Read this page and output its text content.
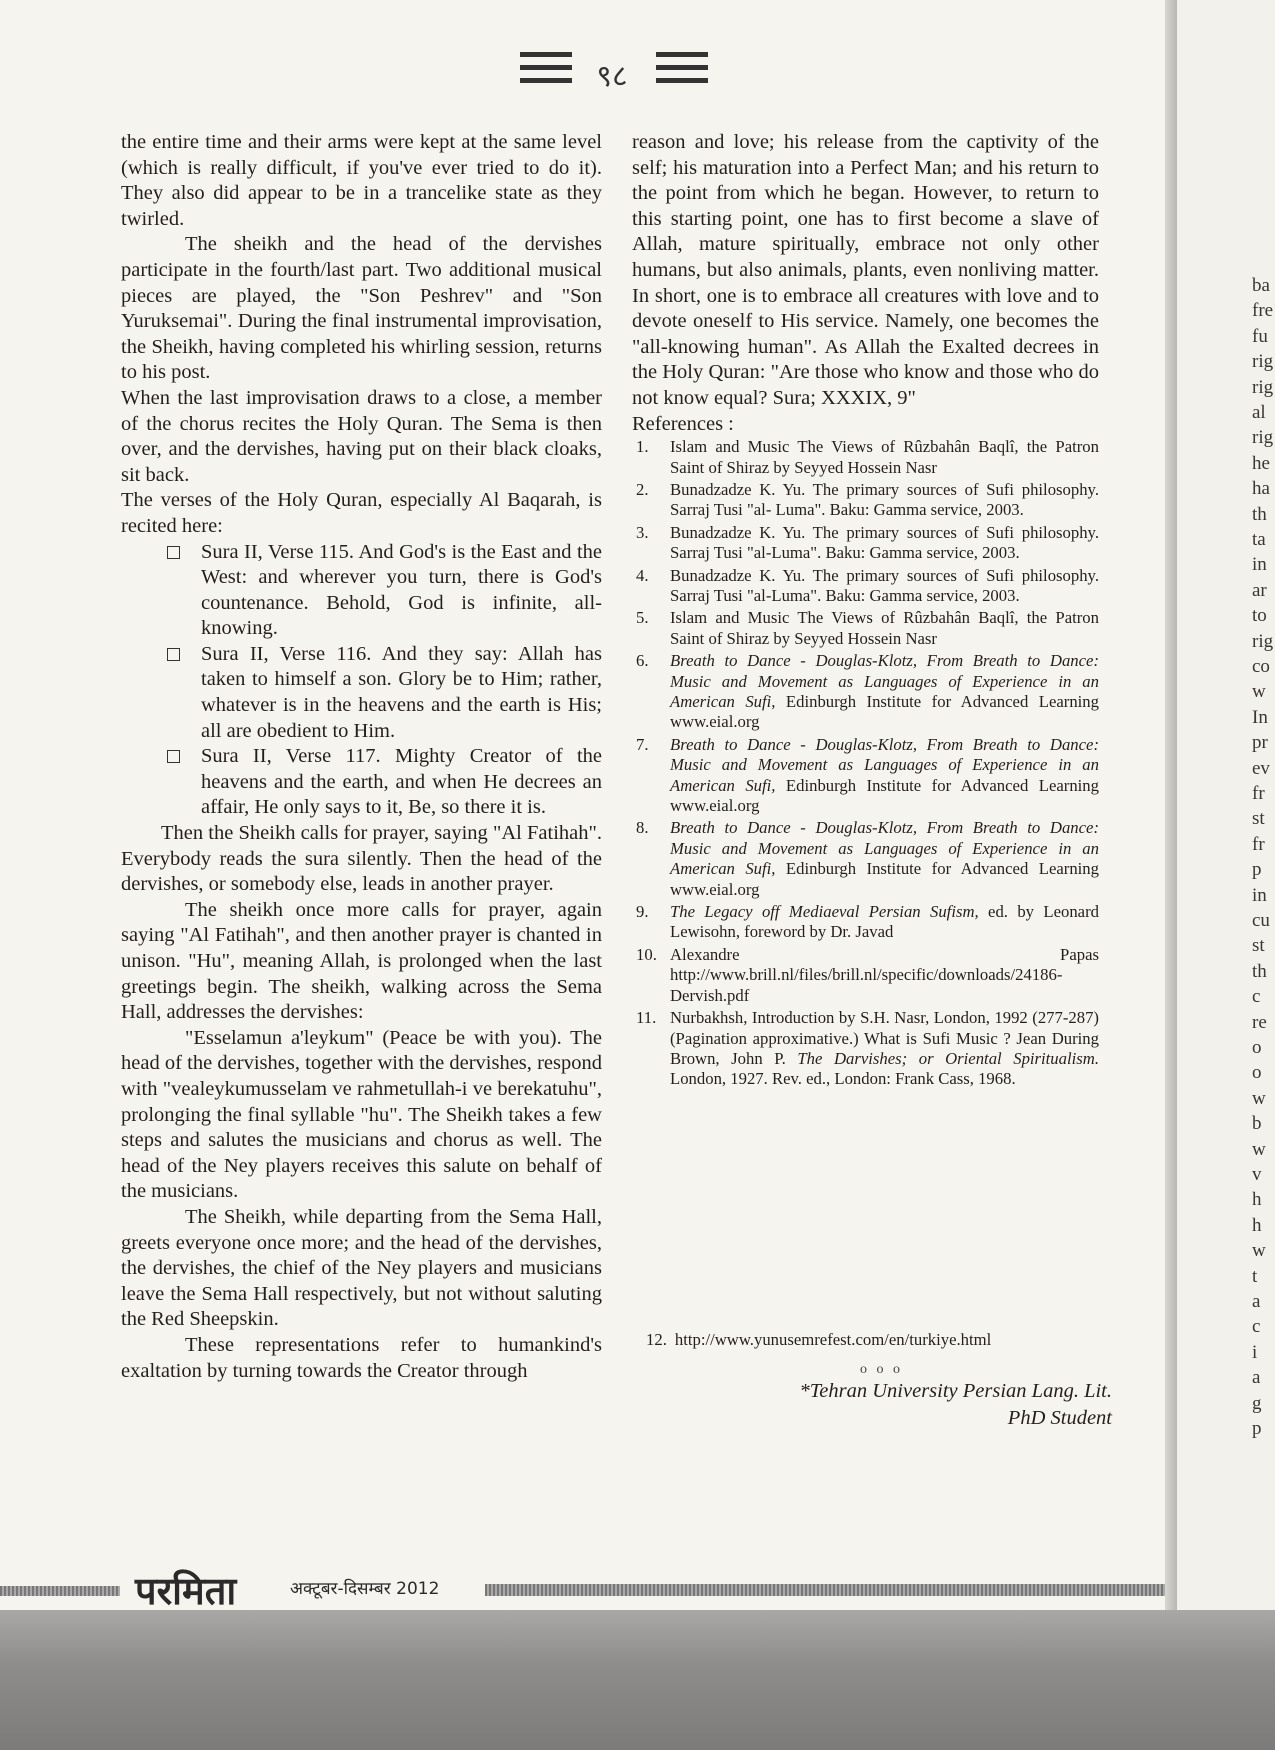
ba
fre
fu
rig
rig
al
rig
he
ha
th
ta
in
ar
to
rig
co
w
In
pr
ev
fr
st
fr
p
in
cu
st
th
c
re
o
o
w
b
w
v
h
h
w
t
a
c
i
a
g
p
९८

the entire time and their arms were kept at the same level (which is really difficult, if you've ever tried to do it). They also did appear to be in a trancelike state as they twirled.

The sheikh and the head of the dervishes participate in the fourth/last part. Two additional musical pieces are played, the "Son Peshrev" and "Son Yuruksemai". During the final instrumental improvisation, the Sheikh, having completed his whirling session, returns to his post.

When the last improvisation draws to a close, a member of the chorus recites the Holy Quran. The Sema is then over, and the dervishes, having put on their black cloaks, sit back.

The verses of the Holy Quran, especially Al Baqarah, is recited here:

Sura II, Verse 115. And God's is the East and the West: and wherever you turn, there is God's countenance. Behold, God is infinite, all-knowing.

Sura II, Verse 116. And they say: Allah has taken to himself a son. Glory be to Him; rather, whatever is in the heavens and the earth is His; all are obedient to Him.

Sura II, Verse 117. Mighty Creator of the heavens and the earth, and when He decrees an affair, He only says to it, Be, so there it is.

Then the Sheikh calls for prayer, saying "Al Fatihah". Everybody reads the sura silently. Then the head of the dervishes, or somebody else, leads in another prayer.

The sheikh once more calls for prayer, again saying "Al Fatihah", and then another prayer is chanted in unison. "Hu", meaning Allah, is prolonged when the last greetings begin. The sheikh, walking across the Sema Hall, addresses the dervishes:

"Esselamun a'leykum" (Peace be with you). The head of the dervishes, together with the dervishes, respond with "vealeykumusselam ve rahmetullah-i ve berekatuhu", prolonging the final syllable "hu". The Sheikh takes a few steps and salutes the musicians and chorus as well. The head of the Ney players receives this salute on behalf of the musicians.

The Sheikh, while departing from the Sema Hall, greets everyone once more; and the head of the dervishes, the dervishes, the chief of the Ney players and musicians leave the Sema Hall respectively, but not without saluting the Red Sheepskin.

These representations refer to humankind's exaltation by turning towards the Creator through

reason and love; his release from the captivity of the self; his maturation into a Perfect Man; and his return to the point from which he began. However, to return to this starting point, one has to first become a slave of Allah, mature spiritually, embrace not only other humans, but also animals, plants, even nonliving matter. In short, one is to embrace all creatures with love and to devote oneself to His service. Namely, one becomes the "all-knowing human". As Allah the Exalted decrees in the Holy Quran: "Are those who know and those who do not know equal? Sura; XXXIX, 9"

References :

1. Islam and Music The Views of Rûzbahân Baqlî, the Patron Saint of Shiraz by Seyyed Hossein Nasr
2. Bunadzadze K. Yu. The primary sources of Sufi philosophy. Sarraj Tusi "al- Luma". Baku: Gamma service, 2003.
3. Bunadzadze K. Yu. The primary sources of Sufi philosophy. Sarraj Tusi "al-Luma". Baku: Gamma service, 2003.
4. Bunadzadze K. Yu. The primary sources of Sufi philosophy. Sarraj Tusi "al-Luma". Baku: Gamma service, 2003.
5. Islam and Music The Views of Rûzbahân Baqlî, the Patron Saint of Shiraz by Seyyed Hossein Nasr
6. Breath to Dance - Douglas-Klotz, From Breath to Dance: Music and Movement as Languages of Experience in an American Sufi, Edinburgh Institute for Advanced Learning www.eial.org
7. Breath to Dance - Douglas-Klotz, From Breath to Dance: Music and Movement as Languages of Experience in an American Sufi, Edinburgh Institute for Advanced Learning www.eial.org
8. Breath to Dance - Douglas-Klotz, From Breath to Dance: Music and Movement as Languages of Experience in an American Sufi, Edinburgh Institute for Advanced Learning www.eial.org
9. The Legacy off Mediaeval Persian Sufism, ed. by Leonard Lewisohn, foreword by Dr. Javad
10. Alexandre Papas http://www.brill.nl/files/brill.nl/specific/downloads/24186-Dervish.pdf
11. Nurbakhsh, Introduction by S.H. Nasr, London, 1992 (277-287) (Pagination approximative.) What is Sufi Music ? Jean During Brown, John P. The Darvishes; or Oriental Spiritualism. London, 1927. Rev. ed., London: Frank Cass, 1968.
12. http://www.yunusemrefest.com/en/turkiye.html
o o o
*Tehran University Persian Lang. Lit.
PhD Student
परमिता	अक्टूबर-दिसम्बर 2012
